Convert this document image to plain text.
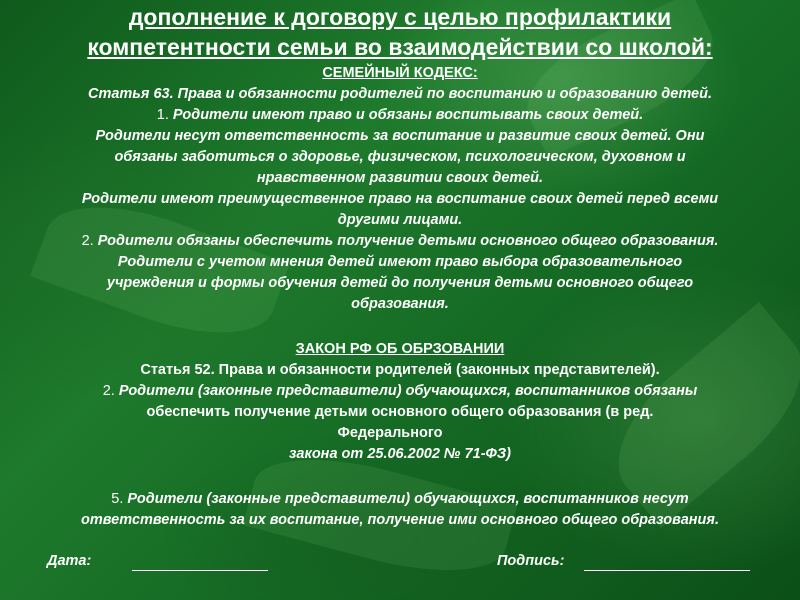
дополнение к договору с целью профилактики
компетентности семьи во взаимодействии со школой:
СЕМЕЙНЫЙ КОДЕКС:
Статья 63. Права и обязанности родителей по воспитанию и образованию детей.
1. Родители имеют право и обязаны воспитывать своих детей.
Родители несут ответственность за воспитание и развитие своих детей. Они
обязаны заботиться о здоровье, физическом, психологическом, духовном и
нравственном развитии своих детей.
Родители имеют преимущественное право на воспитание своих детей перед всеми
другими лицами.
2. Родители обязаны обеспечить получение детьми основного общего образования.
Родители с учетом мнения детей имеют право выбора образовательного
учреждения и формы обучения детей до получения детьми основного общего
образования.
ЗАКОН РФ ОБ ОБРЗОВАНИИ
Статья 52. Права и обязанности родителей (законных представителей).
2. Родители (законные представители) обучающихся, воспитанников обязаны
обеспечить получение детьми основного общего образования (в ред.
Федерального
закона от 25.06.2002 № 71-ФЗ)
5. Родители (законные представители) обучающихся, воспитанников несут
ответственность за их воспитание, получение ими основного общего образования.
Дата:	Подпись:
